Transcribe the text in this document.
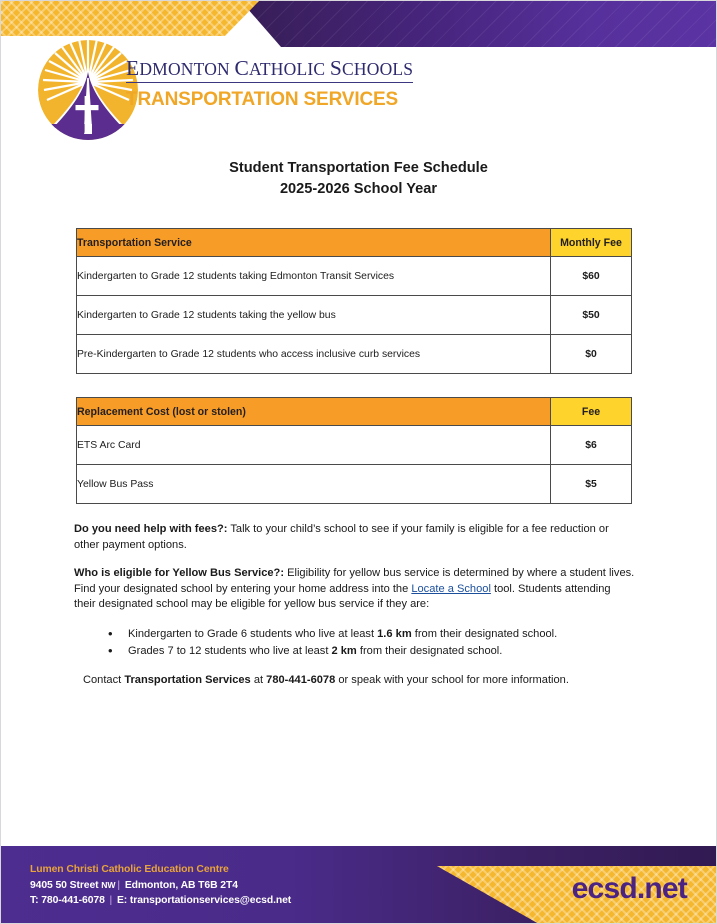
EDMONTON CATHOLIC SCHOOLS
TRANSPORTATION SERVICES
Student Transportation Fee Schedule
2025-2026 School Year
Transportation Service	Monthly Fee
Kindergarten to Grade 12 students taking Edmonton Transit Services	$60
Kindergarten to Grade 12 students taking the yellow bus	$50
Pre-Kindergarten to Grade 12 students who access inclusive curb services	$0
Replacement Cost (lost or stolen)	Fee
ETS Arc Card	$6
Yellow Bus Pass	$5

Do you need help with fees?: Talk to your child’s school to see if your family is eligible for a fee reduction or other payment options.

Who is eligible for Yellow Bus Service?: Eligibility for yellow bus service is determined by where a student lives. Find your designated school by entering your home address into the Locate a School tool. Students attending their designated school may be eligible for yellow bus service if they are:

• Kindergarten to Grade 6 students who live at least 1.6 km from their designated school.
• Grades 7 to 12 students who live at least 2 km from their designated school.

Contact Transportation Services at 780-441-6078 or speak with your school for more information.

Lumen Christi Catholic Education Centre
9405 50 Street NW | Edmonton, AB T6B 2T4
T: 780-441-6078 | E: transportationservices@ecsd.net	ecsd.net
